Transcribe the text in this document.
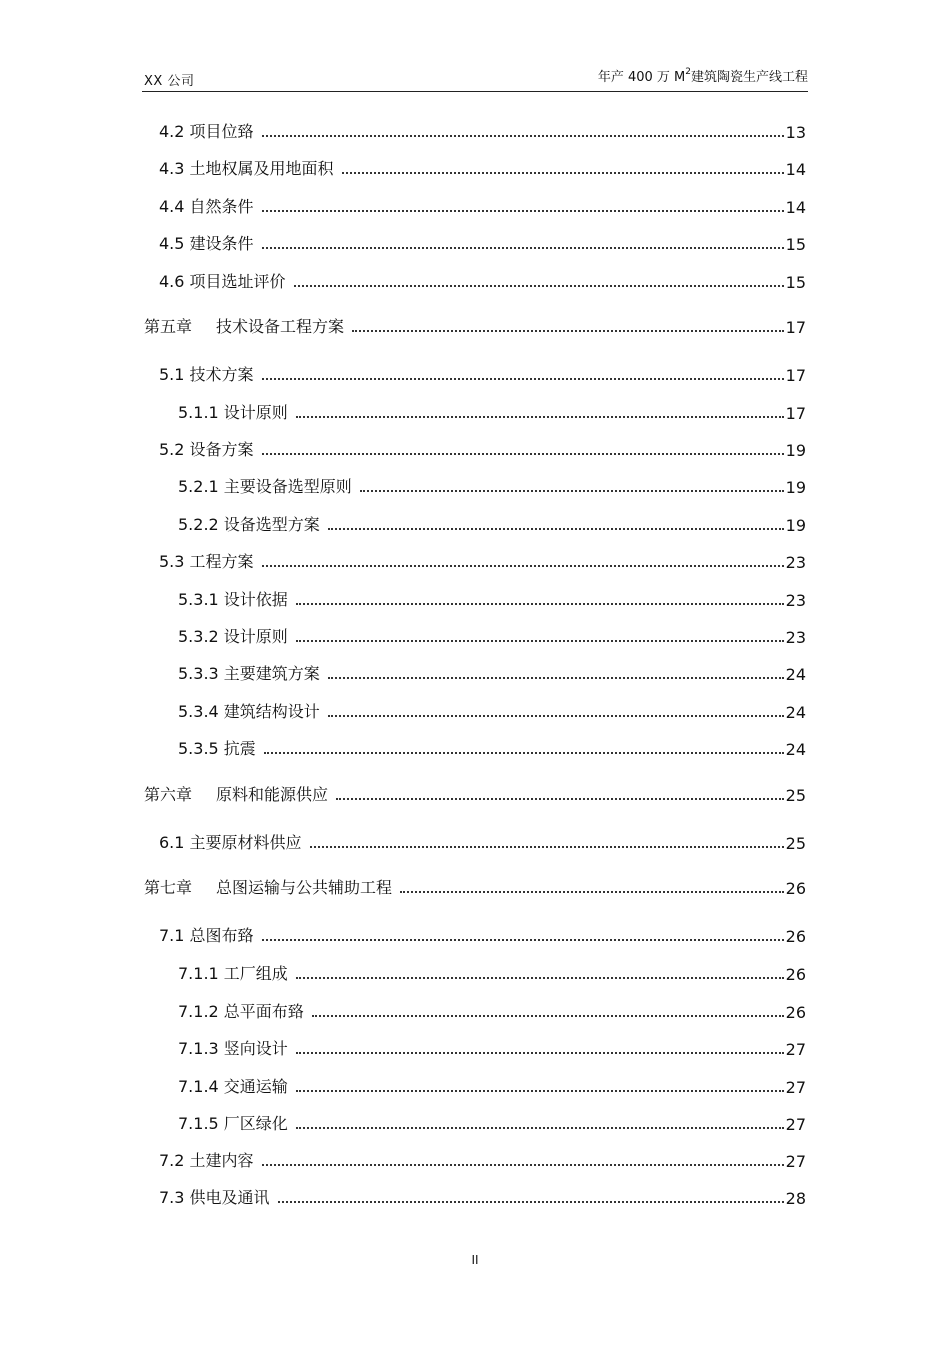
XX 公司	年产 400 万 $M^2$建筑陶瓷生产线工程
4.2 项目位臵	13
4.3 土地权属及用地面积	14
4.4 自然条件	14
4.5 建设条件	15
4.6 项目选址评价	15
第五章 技术设备工程方案	17
5.1 技术方案	17
5.1.1 设计原则	17
5.2 设备方案	19
5.2.1 主要设备选型原则	19
5.2.2 设备选型方案	19
5.3 工程方案	23
5.3.1 设计依据	23
5.3.2 设计原则	23
5.3.3 主要建筑方案	24
5.3.4 建筑结构设计	24
5.3.5 抗震	24
第六章 原料和能源供应	25
6.1 主要原材料供应	25
第七章 总图运输与公共辅助工程	26
7.1 总图布臵	26
7.1.1 工厂组成	26
7.1.2 总平面布臵	26
7.1.3 竖向设计	27
7.1.4 交通运输	27
7.1.5 厂区绿化	27
7.2 土建内容	27
7.3 供电及通讯	28
II
